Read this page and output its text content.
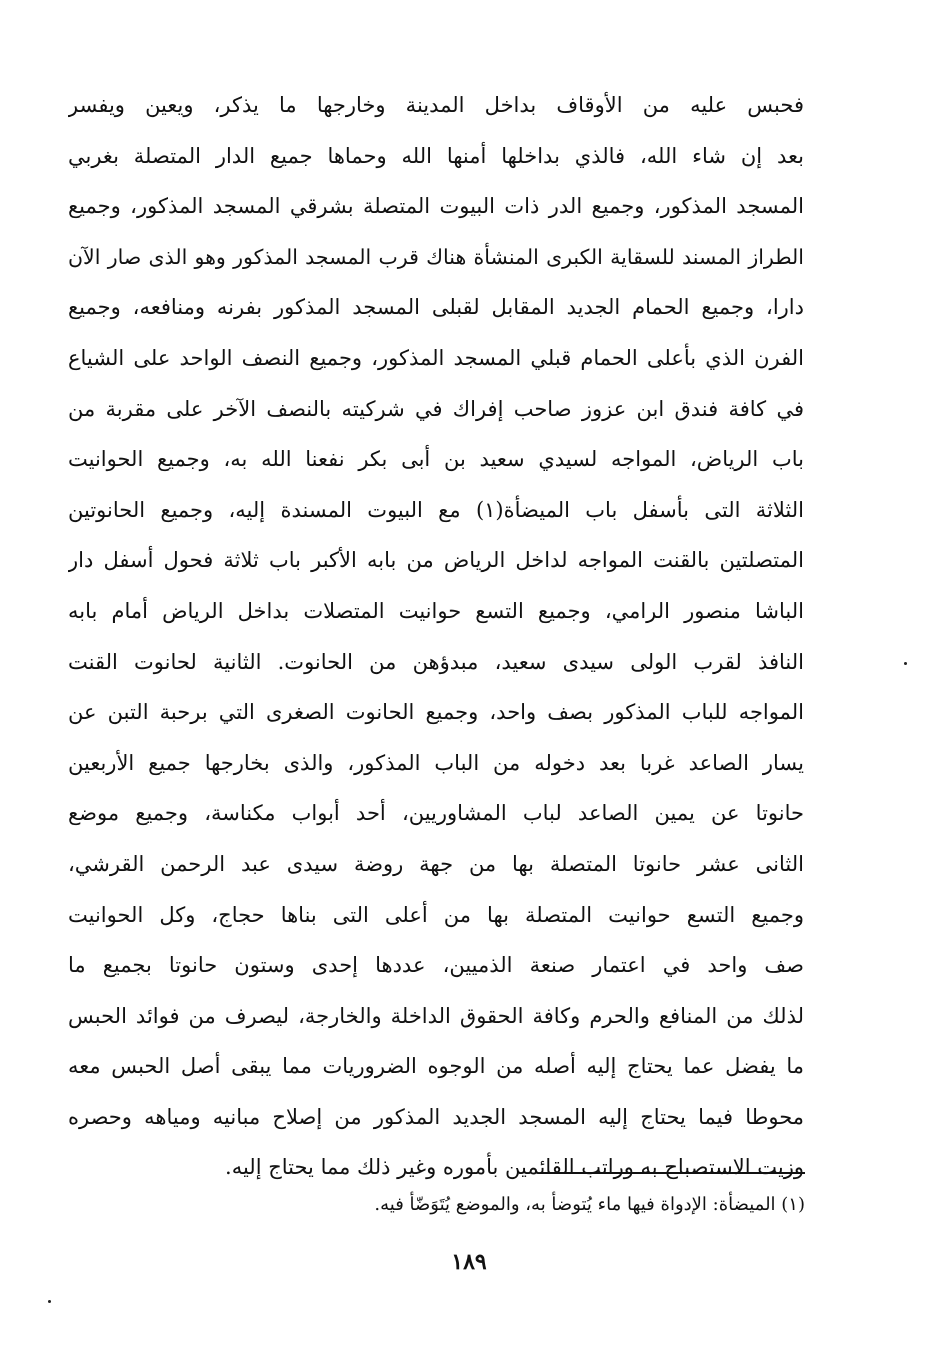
فحبس عليه من الأوقاف بداخل المدينة وخارجها ما يذكر، ويعين ويفسر
بعد إن شاء الله، فالذي بداخلها أمنها الله وحماها جميع الدار المتصلة بغربي
المسجد المذكور، وجميع الدر ذات البيوت المتصلة بشرقي المسجد المذكور، وجميع
الطراز المسند للسقاية الكبرى المنشأة هناك قرب المسجد المذكور وهو الذى صار الآن
دارا، وجميع الحمام الجديد المقابل لقبلى المسجد المذكور بفرنه ومنافعه، وجميع
الفرن الذي بأعلى الحمام قبلي المسجد المذكور، وجميع النصف الواحد على الشياع
في كافة فندق ابن عزوز صاحب إفراك في شركيته بالنصف الآخر على مقربة من
باب الرياض، المواجه لسيدي سعيد بن أبى بكر نفعنا الله به، وجميع الحوانيت
الثلاثة التى بأسفل باب الميضأة(١) مع البيوت المسندة إليه، وجميع الحانوتين
المتصلتين بالقنت المواجه لداخل الرياض من بابه الأكبر باب ثلاثة فحول أسفل دار
الباشا منصور الرامي، وجميع التسع حوانيت المتصلات بداخل الرياض أمام بابه
النافذ لقرب الولى سيدى سعيد، مبدؤهن من الحانوت. الثانية لحانوت القنت
المواجه للباب المذكور بصف واحد، وجميع الحانوت الصغرى التي برحبة التبن عن
يسار الصاعد غربا بعد دخوله من الباب المذكور، والذى بخارجها جميع الأربعين
حانوتا عن يمين الصاعد لباب المشاوريين، أحد أبواب مكناسة، وجميع موضع
الثانى عشر حانوتا المتصلة بها من جهة روضة سيدى عبد الرحمن القرشي،
وجميع التسع حوانيت المتصلة بها من أعلى التى بناها حجاج، وكل الحوانيت
صف واحد في اعتمار صنعة الذميين، عددها إحدى وستون حانوتا بجميع ما
لذلك من المنافع والحرم وكافة الحقوق الداخلة والخارجة، ليصرف من فوائد الحبس
ما يفضل عما يحتاج إليه أصله من الوجوه الضروريات مما يبقى أصل الحبس معه
محوطا فيما يحتاج إليه المسجد الجديد المذكور من إصلاح مبانيه ومياهه وحصره
وزيت الاستصباح به وراتب القائمين بأموره وغير ذلك مما يحتاج إليه.
(١) الميضأة: الإدواة فيها ماء يُتوضأ به، والموضع يُتَوَضّأ فيه.
١٨٩
